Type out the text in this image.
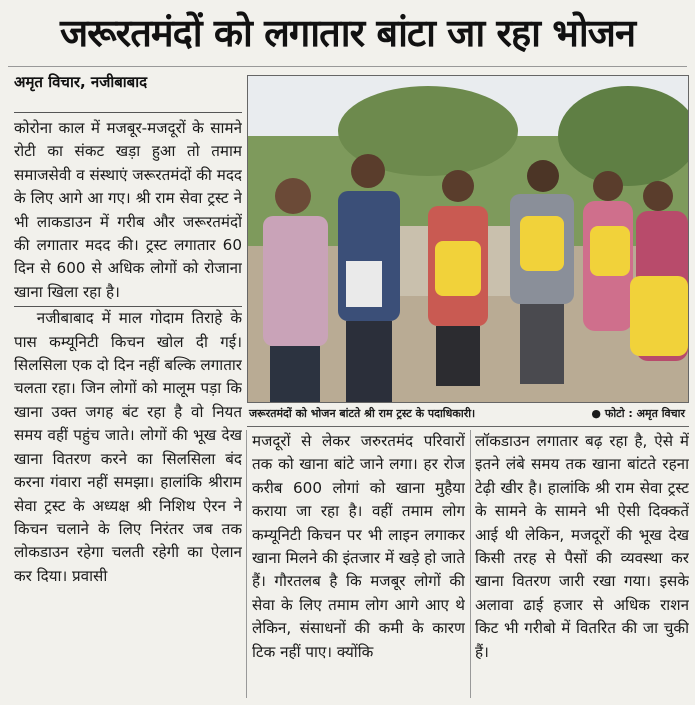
जरूरतमंदों को लगातार बांटा जा रहा भोजन
अमृत विचार, नजीबाबाद

कोरोना काल में मजबूर-मजदूरों के सामने रोटी का संकट खड़ा हुआ तो तमाम समाजसेवी व संस्थाएं जरूरतमंदों की मदद के लिए आगे आ गए। श्री राम सेवा ट्रस्ट ने भी लाकडाउन में गरीब और जरूरतमंदों की लगातार मदद की। ट्रस्ट लगातार 60 दिन से 600 से अधिक लोगों को रोजाना खाना खिला रहा है।

नजीबाबाद में माल गोदाम तिराहे के पास कम्यूनिटी किचन खोल दी गई। सिलसिला एक दो दिन नहीं बल्कि लगातार चलता रहा। जिन लोगों को मालूम पड़ा कि खाना उक्त जगह बंट रहा है वो नियत समय वहीं पहुंच जाते। लोगों की भूख देख खाना वितरण करने का सिलसिला बंद करना गंवारा नहीं समझा। हालांकि श्रीराम सेवा ट्रस्ट के अध्यक्ष श्री निशिथ ऐरन ने किचन चलाने के लिए निरंतर जब तक लोकडाउन रहेगा चलती रहेगी का ऐलान कर दिया। प्रवासी

जरूरतमंदों को भोजन बांटते श्री राम ट्रस्ट के पदाधिकारी।	● फोटो : अमृत विचार

मजदूरों से लेकर जरुरतमंद परिवारों तक को खाना बांटे जाने लगा। हर रोज करीब 600 लोगां को खाना मुहैया कराया जा रहा है। वहीं तमाम लोग कम्यूनिटी किचन पर भी लाइन लगाकर खाना मिलने की इंतजार में खड़े हो जाते हैं। गौरतलब है कि मजबूर लोगों की सेवा के लिए तमाम लोग आगे आए थे लेकिन, संसाधनों की कमी के कारण टिक नहीं पाए। क्योंकि

लॉकडाउन लगातार बढ़ रहा है, ऐसे में इतने लंबे समय तक खाना बांटते रहना टेढ़ी खीर है। हालांकि श्री राम सेवा ट्रस्ट के सामने के सामने भी ऐसी दिक्कतें आई थी लेकिन, मजदूरों की भूख देख किसी तरह से पैसों की व्यवस्था कर खाना वितरण जारी रखा गया। इसके अलावा ढाई हजार से अधिक राशन किट भी गरीबो में वितरित की जा चुकी हैं।
